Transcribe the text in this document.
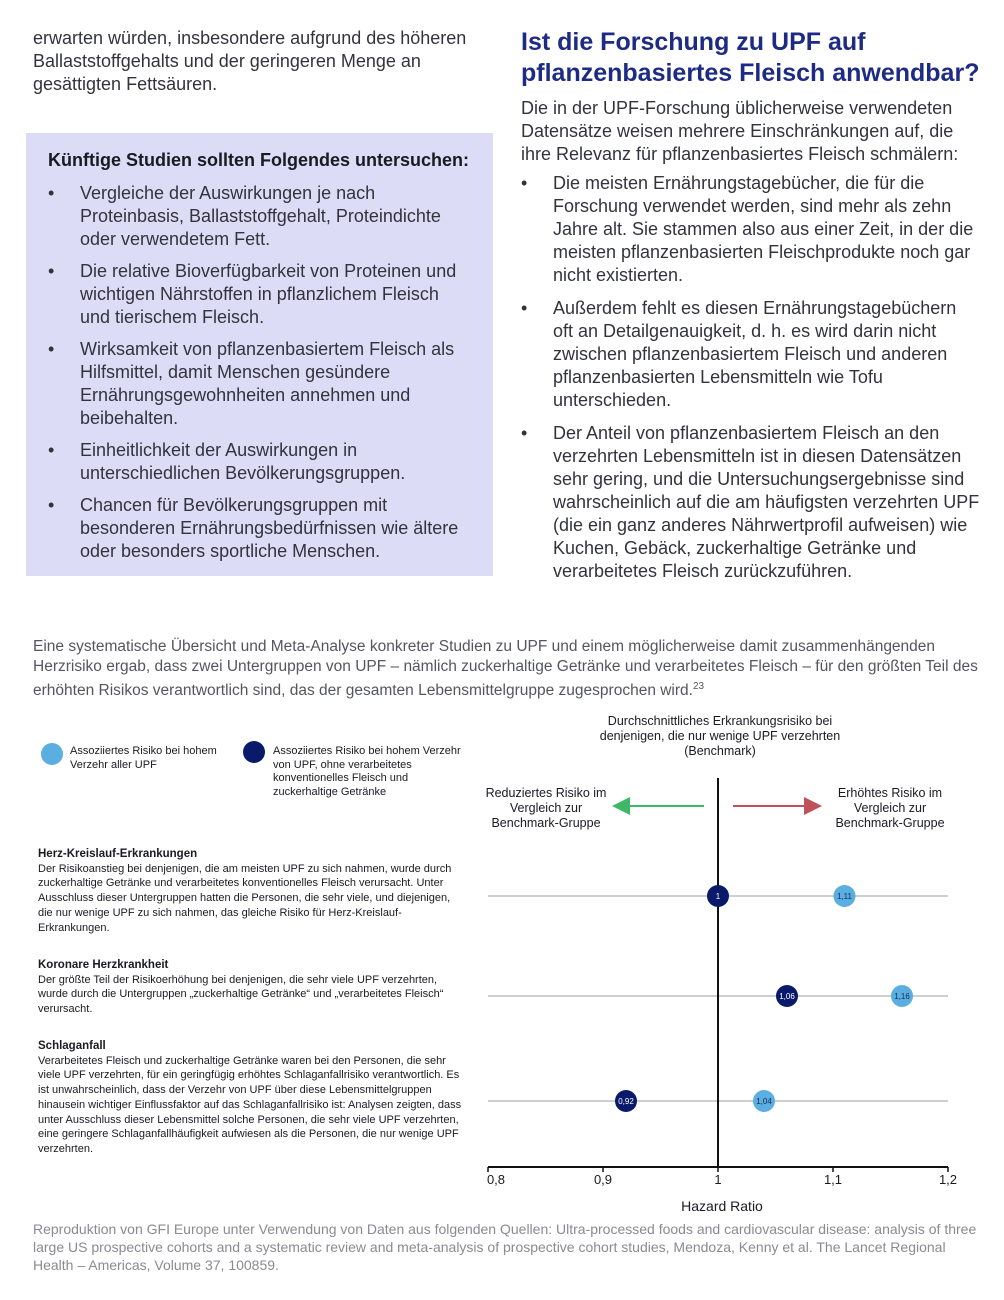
erwarten würden, insbesondere aufgrund des höheren Ballaststoffgehalts und der geringeren Menge an gesättigten Fettsäuren.
Künftige Studien sollten Folgendes untersuchen:
• Vergleiche der Auswirkungen je nach Proteinbasis, Ballaststoffgehalt, Proteindichte oder verwendetem Fett.
• Die relative Bioverfügbarkeit von Proteinen und wichtigen Nährstoffen in pflanzlichem Fleisch und tierischem Fleisch.
• Wirksamkeit von pflanzenbasiertem Fleisch als Hilfsmittel, damit Menschen gesündere Ernährungsgewohnheiten annehmen und beibehalten.
• Einheitlichkeit der Auswirkungen in unterschiedlichen Bevölkerungsgruppen.
• Chancen für Bevölkerungsgruppen mit besonderen Ernährungsbedürfnissen wie ältere oder besonders sportliche Menschen.
Ist die Forschung zu UPF auf pflanzenbasiertes Fleisch anwendbar?

Die in der UPF-Forschung üblicherweise verwendeten Datensätze weisen mehrere Einschränkungen auf, die ihre Relevanz für pflanzenbasiertes Fleisch schmälern:

• Die meisten Ernährungstagebücher, die für die Forschung verwendet werden, sind mehr als zehn Jahre alt. Sie stammen also aus einer Zeit, in der die meisten pflanzenbasierten Fleischprodukte noch gar nicht existierten.
• Außerdem fehlt es diesen Ernährungstagebüchern oft an Detailgenauigkeit, d. h. es wird darin nicht zwischen pflanzenbasiertem Fleisch und anderen pflanzenbasierten Lebensmitteln wie Tofu unterschieden.
• Der Anteil von pflanzenbasiertem Fleisch an den verzehrten Lebensmitteln ist in diesen Datensätzen sehr gering, und die Untersuchungsergebnisse sind wahrscheinlich auf die am häufigsten verzehrten UPF (die ein ganz anderes Nährwertprofil aufweisen) wie Kuchen, Gebäck, zuckerhaltige Getränke und verarbeitetes Fleisch zurückzuführen.
Eine systematische Übersicht und Meta-Analyse konkreter Studien zu UPF und einem möglicherweise damit zusammenhängenden Herzrisiko ergab, dass zwei Untergruppen von UPF – nämlich zuckerhaltige Getränke und verarbeitetes Fleisch – für den größten Teil des erhöhten Risikos verantwortlich sind, das der gesamten Lebensmittelgruppe zugesprochen wird.$^{23}$
Assoziiertes Risiko bei hohem Verzehr aller UPF
Assoziiertes Risiko bei hohem Verzehr von UPF, ohne verarbeitetes konventionelles Fleisch und zuckerhaltige Getränke
Herz-Kreislauf-Erkrankungen
Der Risikoanstieg bei denjenigen, die am meisten UPF zu sich nahmen, wurde durch zuckerhaltige Getränke und verarbeitetes konventionelles Fleisch verursacht. Unter Ausschluss dieser Untergruppen hatten die Personen, die sehr viele, und diejenigen, die nur wenige UPF zu sich nahmen, das gleiche Risiko für Herz-Kreislauf-Erkrankungen.
Koronare Herzkrankheit
Der größte Teil der Risikoerhöhung bei denjenigen, die sehr viele UPF verzehrten, wurde durch die Untergruppen „zuckerhaltige Getränke“ und „verarbeitetes Fleisch“ verursacht.
Schlaganfall
Verarbeitetes Fleisch und zuckerhaltige Getränke waren bei den Personen, die sehr viele UPF verzehrten, für ein geringfügig erhöhtes Schlaganfallrisiko verantwortlich. Es ist unwahrscheinlich, dass der Verzehr von UPF über diese Lebensmittelgruppen hinausein wichtiger Einflussfaktor auf das Schlaganfallrisiko ist: Analysen zeigten, dass unter Ausschluss dieser Lebensmittel solche Personen, die sehr viele UPF verzehrten, eine geringere Schlaganfallhäufigkeit aufwiesen als die Personen, die nur wenige UPF verzehrten.
Durchschnittliches Erkrankungsrisiko bei denjenigen, die nur wenige UPF verzehrten (Benchmark)
Reduziertes Risiko im Vergleich zur Benchmark-Gruppe
Erhöhtes Risiko im Vergleich zur Benchmark-Gruppe
0,8	0,9	1	1,1	1,2
1,11
1,16
1,04
1
1,06
0,92
Hazard Ratio
Reproduktion von GFI Europe unter Verwendung von Daten aus folgenden Quellen: Ultra-processed foods and cardiovascular disease: analysis of three large US prospective cohorts and a systematic review and meta-analysis of prospective cohort studies, Mendoza, Kenny et al. The Lancet Regional Health – Americas, Volume 37, 100859.
